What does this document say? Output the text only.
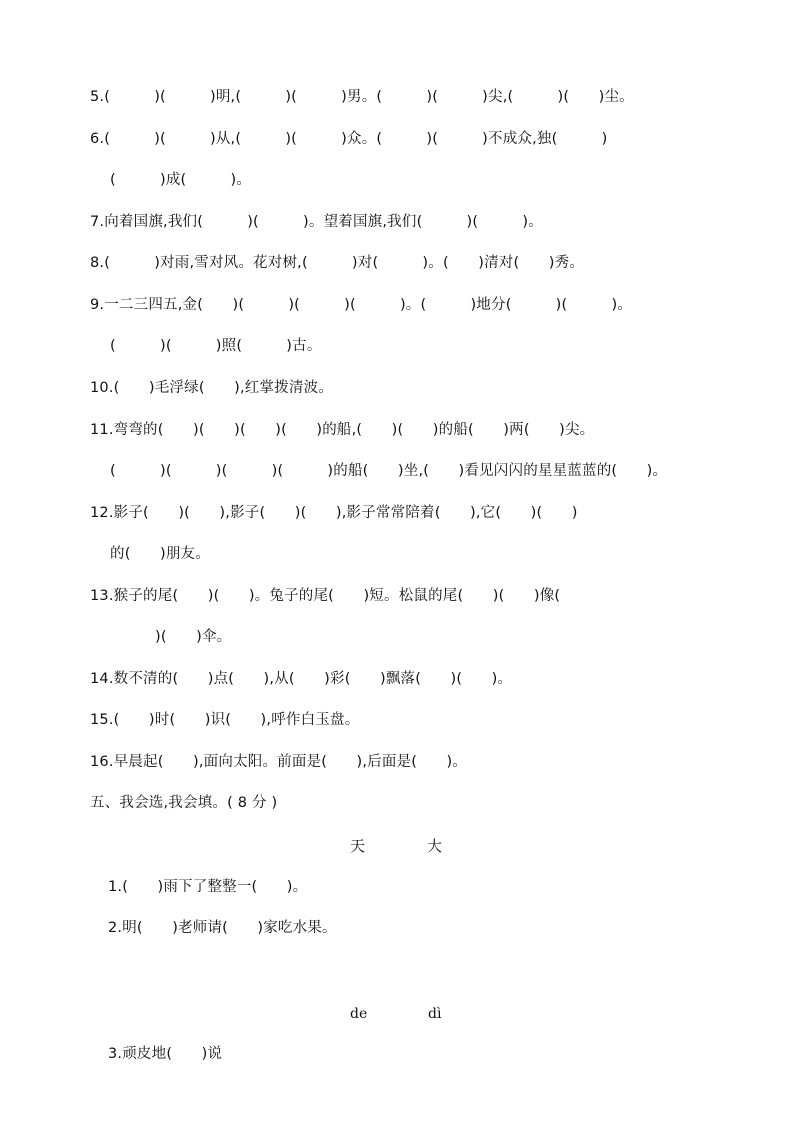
5.(　　　)(　　　)明,(　　　)(　　　)男。(　　　)(　　　)尖,(　　　)(　　)尘。
6.(　　　)(　　　)从,(　　　)(　　　)众。(　　　)(　　　)不成众,独(　　　)
(　　　)成(　　　)。
7.向着国旗,我们(　　　)(　　　)。望着国旗,我们(　　　)(　　　)。
8.(　　　)对雨,雪对风。花对树,(　　　)对(　　　)。(　　)清对(　　)秀。
9.一二三四五,金(　　)(　　　)(　　　)(　　　)。(　　　)地分(　　　)(　　　)。
(　　　)(　　　)照(　　　)古。
10.(　　)毛浮绿(　　),红掌拨清波。
11.弯弯的(　　)(　　)(　　)(　　)的船,(　　)(　　)的船(　　)两(　　)尖。
(　　　)(　　　)(　　　)(　　　)的船(　　)坐,(　　)看见闪闪的星星蓝蓝的(　　)。
12.影子(　　)(　　),影子(　　)(　　),影子常常陪着(　　),它(　　)(　　)
的(　　)朋友。
13.猴子的尾(　　)(　　)。兔子的尾(　　)短。松鼠的尾(　　)(　　)像(
)(　　)伞。
14.数不清的(　　)点(　　),从(　　)彩(　　)飘落(　　)(　　)。
15.(　　)时(　　)识(　　),呼作白玉盘。
16.早晨起(　　),面向太阳。前面是(　　),后面是(　　)。
五、我会选,我会填。( 8 分 )
天	大
1.(　　)雨下了整整一(　　)。
2.明(　　)老师请(　　)家吃水果。
de	dì
3.顽皮地(　　)说
